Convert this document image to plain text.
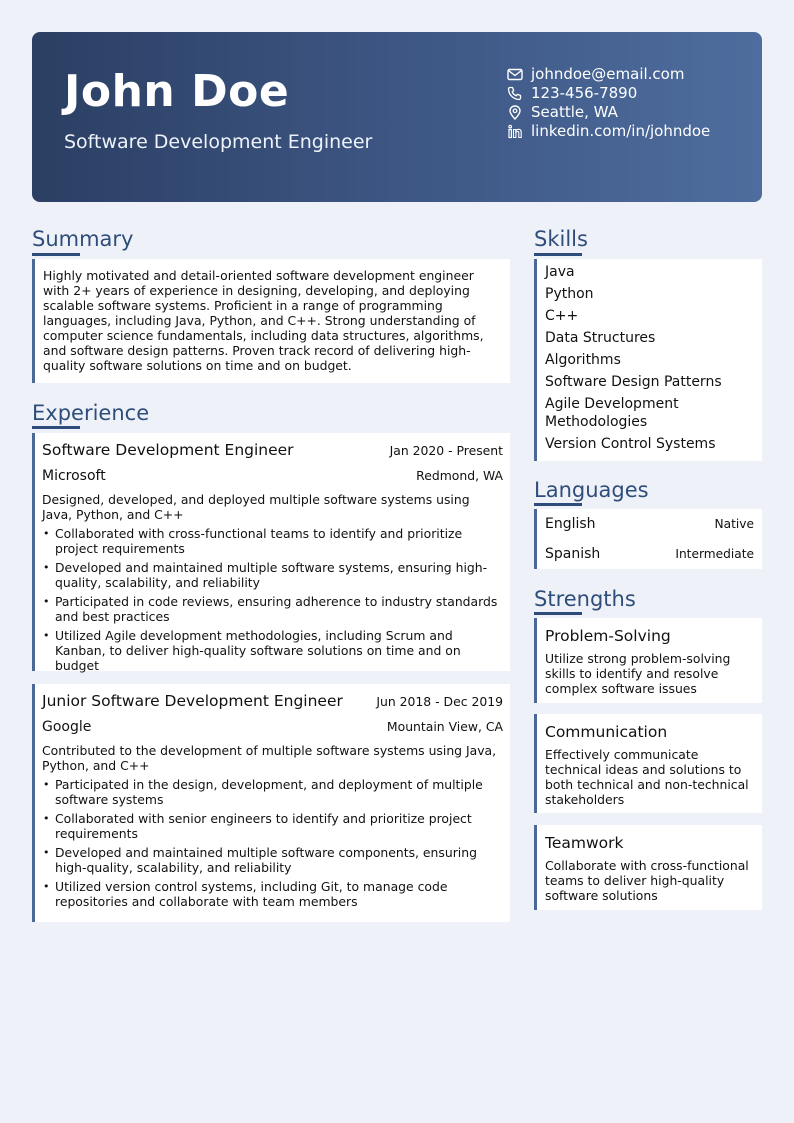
John Doe
Software Development Engineer
johndoe@email.com
123-456-7890
Seattle, WA
linkedin.com/in/johndoe
Summary
Highly motivated and detail-oriented software development engineer with 2+ years of experience in designing, developing, and deploying scalable software systems. Proficient in a range of programming languages, including Java, Python, and C++. Strong understanding of computer science fundamentals, including data structures, algorithms, and software design patterns. Proven track record of delivering high-quality software solutions on time and on budget.
Experience
Software Development Engineer	Jan 2020 - Present
Microsoft	Redmond, WA
Designed, developed, and deployed multiple software systems using Java, Python, and C++
• Collaborated with cross-functional teams to identify and prioritize project requirements
• Developed and maintained multiple software systems, ensuring high-quality, scalability, and reliability
• Participated in code reviews, ensuring adherence to industry standards and best practices
• Utilized Agile development methodologies, including Scrum and Kanban, to deliver high-quality software solutions on time and on budget
Junior Software Development Engineer	Jun 2018 - Dec 2019
Google	Mountain View, CA
Contributed to the development of multiple software systems using Java, Python, and C++
• Participated in the design, development, and deployment of multiple software systems
• Collaborated with senior engineers to identify and prioritize project requirements
• Developed and maintained multiple software components, ensuring high-quality, scalability, and reliability
• Utilized version control systems, including Git, to manage code repositories and collaborate with team members
Skills
Java
Python
C++
Data Structures
Algorithms
Software Design Patterns
Agile Development Methodologies
Version Control Systems
Languages
English	Native
Spanish	Intermediate
Strengths
Problem-Solving
Utilize strong problem-solving skills to identify and resolve complex software issues
Communication
Effectively communicate technical ideas and solutions to both technical and non-technical stakeholders
Teamwork
Collaborate with cross-functional teams to deliver high-quality software solutions
